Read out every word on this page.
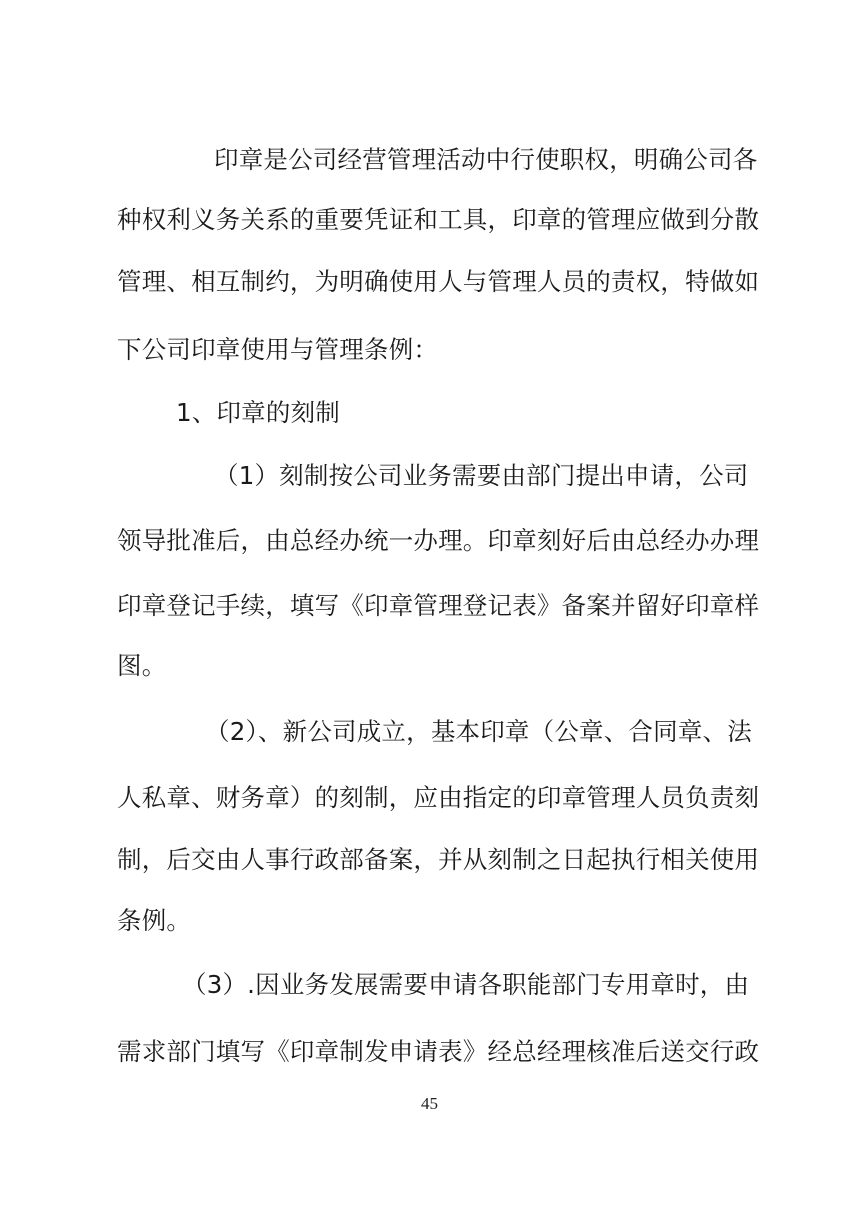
印章是公司经营管理活动中行使职权，明确公司各
种权利义务关系的重要凭证和工具，印章的管理应做到分散
管理、相互制约，为明确使用人与管理人员的责权，特做如
下公司印章使用与管理条例：
1、印章的刻制
（1）刻制按公司业务需要由部门提出申请，公司
领导批准后，由总经办统一办理。印章刻好后由总经办办理
印章登记手续，填写《印章管理登记表》备案并留好印章样
图。
（2）、新公司成立，基本印章（公章、合同章、法
人私章、财务章）的刻制，应由指定的印章管理人员负责刻
制，后交由人事行政部备案，并从刻制之日起执行相关使用
条例。
（3）.因业务发展需要申请各职能部门专用章时，由
需求部门填写《印章制发申请表》经总经理核准后送交行政
45
